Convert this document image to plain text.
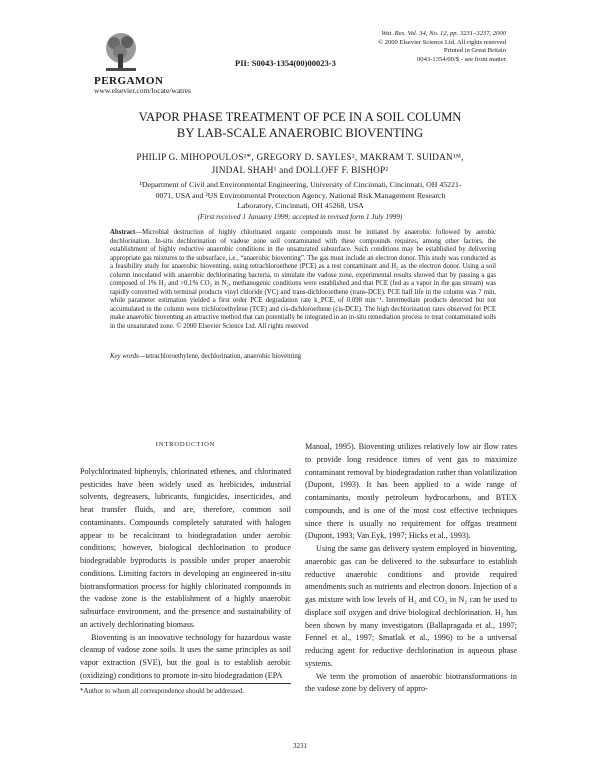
PERGAMON
www.elsevier.com/locate/watres
PII: S0043-1354(00)00023-3
Wat. Res. Vol. 34, No. 12, pp. 3231–3237, 2000
© 2000 Elsevier Science Ltd. All rights reserved
Printed in Great Britain
0043-1354/00/$ - see front matter
VAPOR PHASE TREATMENT OF PCE IN A SOIL COLUMN
BY LAB-SCALE ANAEROBIC BIOVENTING
PHILIP G. MIHOPOULOS¹*, GREGORY D. SAYLES², MAKRAM T. SUIDAN¹ᴹ,
JINDAL SHAH¹ and DOLLOFF F. BISHOP²
¹Department of Civil and Environmental Engineering, University of Cincinnati, Cincinnati, OH 45221-
0071, USA and ²US Environmental Protection Agency, National Risk Management Research
Laboratory, Cincinnati, OH 45268, USA
(First received 1 January 1999; accepted in revised form 1 July 1999)
Abstract—Microbial destruction of highly chlorinated organic compounds must be initiated by anaerobic followed by aerobic dechlorination. In-situ dechlorination of vadose zone soil contaminated with these compounds requires, among other factors, the establishment of highly reductive anaerobic conditions in the unsaturated subsurface. Such conditions may be established by delivering appropriate gas mixtures to the subsurface, i.e., “anaerobic bioventing”. The gas must include an electron donor. This study was conducted as a feasibility study for anaerobic bioventing, using tetrachloroethene (PCE) as a test contaminant and H₂ as the electron donor. Using a soil column inoculated with anaerobic dechlorinating bacteria, to simulate the vadose zone, experimental results showed that by passing a gas composed of 1% H₂ and >0.1% CO₂ in N₂, methanogenic conditions were established and that PCE (fed as a vapor in the gas stream) was rapidly converted with terminal products vinyl chloride (VC) and trans-dichloroethene (trans-DCE). PCE half life in the column was 7 min, while parameter estimation yielded a first order PCE degradation rate k_PCE, of 0.098 min⁻¹. Intermediate products detected but not accumulated in the column were trichloroethylene (TCE) and cis-dichloroethene (cis-DCE). The high dechlorination rates observed for PCE make anaerobic bioventing an attractive method that can potentially be integrated in an in-situ remediation process to treat contaminated soils in the unsaturated zone. © 2000 Elsevier Science Ltd. All rights reserved
Key words—tetrachloroethylene, dechlorination, anaerobic bioventing
INTRODUCTION

Polychlorinated biphenyls, chlorinated ethenes, and chlorinated pesticides have been widely used as herbicides, industrial solvents, degreasers, lubricants, fungicides, insecticides, and heat transfer fluids, and are, therefore, common soil contaminants. Compounds completely saturated with halogen appear to be recalcitrant to biodegradation under aerobic conditions; however, biological dechlorination to produce biodegradable byproducts is possible under proper anaerobic conditions. Limiting factors in developing an engineered in-situ biotransformation process for highly chlorinated compounds in the vadose zone is the establishment of a highly anaerobic subsurface environment, and the presence and sustainability of an actively dechlorinating biomass.

Bioventing is an innovative technology for hazardous waste cleanup of vadose zone soils. It uses the same principles as soil vapor extraction (SVE), but the goal is to establish aerobic (oxidizing) conditions to promote in-situ biodegradation (EPA

Manual, 1995). Bioventing utilizes relatively low air flow rates to provide long residence times of vent gas to maximize contaminant removal by biodegradation rather than volatilization (Dupont, 1993). It has been applied to a wide range of contaminants, mostly petroleum hydrocarbons, and BTEX compounds, and is one of the most cost effective techniques since there is usually no requirement for offgas treatment (Dupont, 1993; Van Eyk, 1997; Hicks et al., 1993).

Using the same gas delivery system employed in bioventing, anaerobic gas can be delivered to the subsurface to establish reductive anaerobic conditions and provide required amendments such as nutrients and electron donors. Injection of a gas mixture with low levels of H₂ and CO₂ in N₂ can be used to displace soil oxygen and drive biological dechlorination. H₂ has been shown by many investigators (Ballapragada et al., 1997; Fennel et al., 1997; Smatlak et al., 1996) to be a universal reducing agent for reductive dechlorination in aqueous phase systems.

We term the promotion of anaerobic biotransformations in the vadose zone by delivery of appro-

*Author to whom all correspondence should be addressed.
3231
